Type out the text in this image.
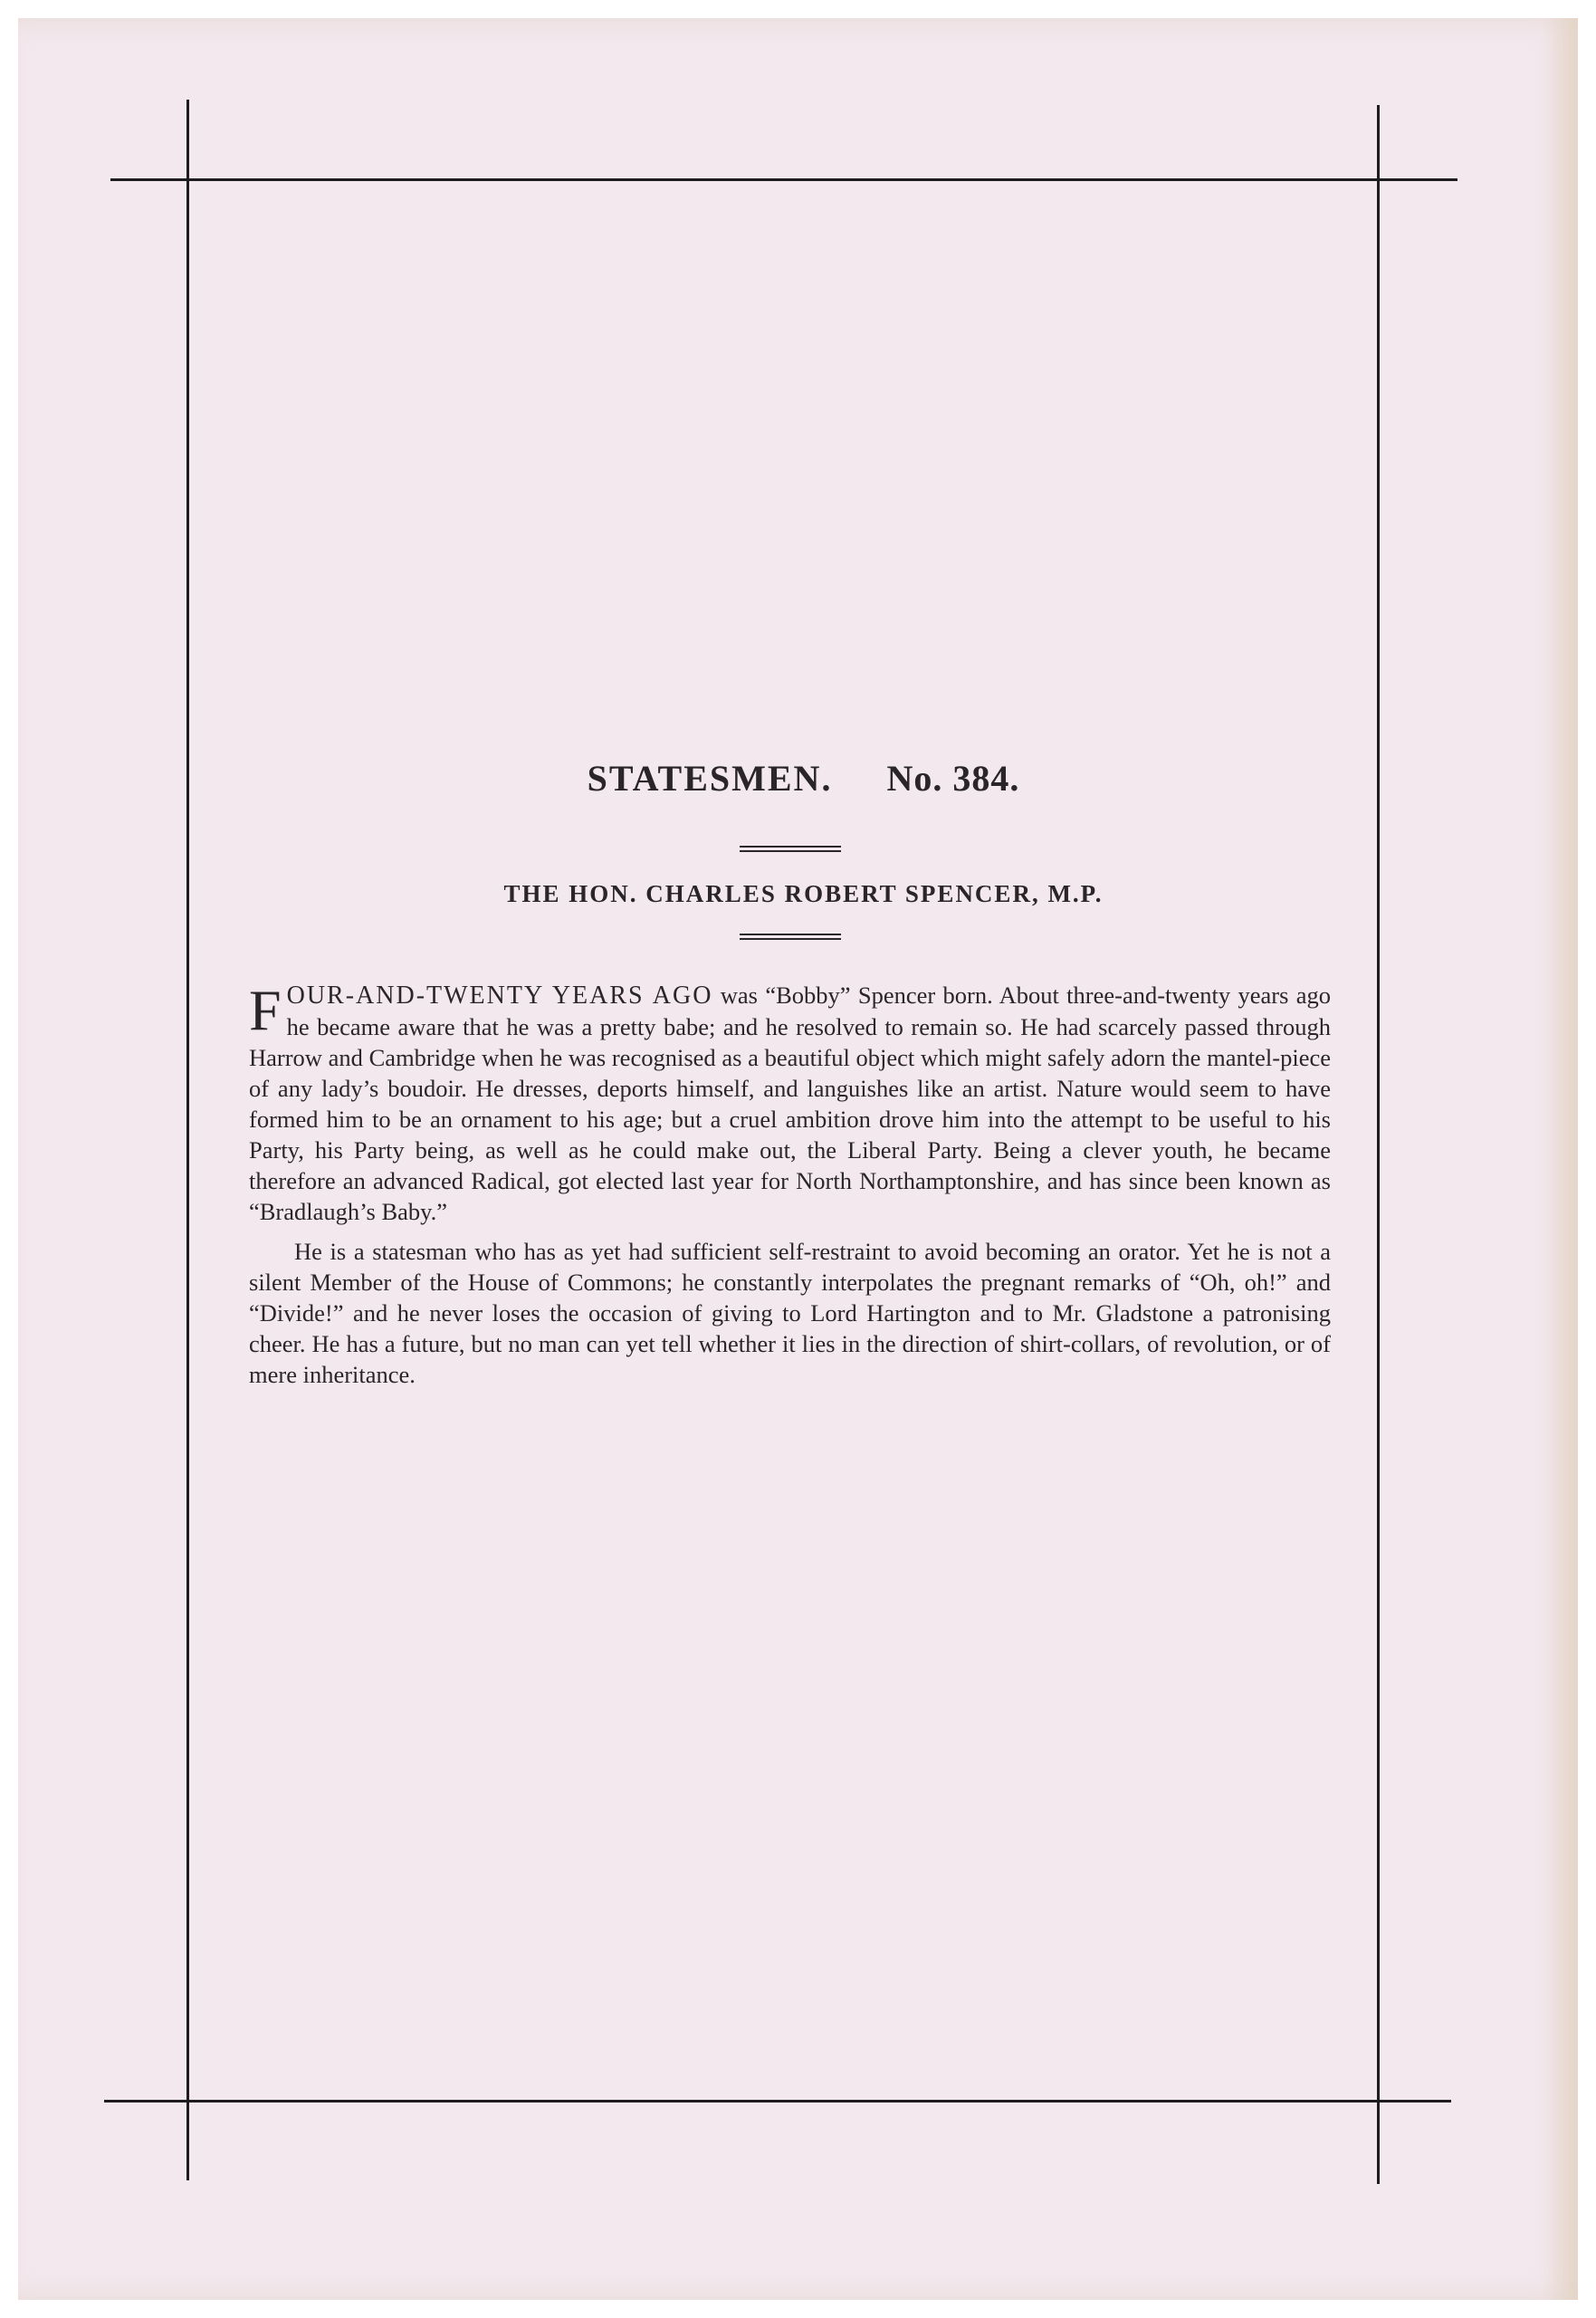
STATESMEN. No. 384.
THE HON. CHARLES ROBERT SPENCER, M.P.

FOUR-AND-TWENTY YEARS AGO was “Bobby” Spencer born. About three-and-twenty years ago he became aware that he was a pretty babe; and he resolved to remain so. He had scarcely passed through Harrow and Cambridge when he was recognised as a beautiful object which might safely adorn the mantel-piece of any lady’s boudoir. He dresses, deports himself, and languishes like an artist. Nature would seem to have formed him to be an ornament to his age; but a cruel ambition drove him into the attempt to be useful to his Party, his Party being, as well as he could make out, the Liberal Party. Being a clever youth, he became therefore an advanced Radical, got elected last year for North Northamptonshire, and has since been known as “Bradlaugh’s Baby.”

He is a statesman who has as yet had sufficient self-restraint to avoid becoming an orator. Yet he is not a silent Member of the House of Commons; he constantly interpolates the pregnant remarks of “Oh, oh!” and “Divide!” and he never loses the occasion of giving to Lord Hartington and to Mr. Gladstone a patronising cheer. He has a future, but no man can yet tell whether it lies in the direction of shirt-collars, of revolution, or of mere inheritance.
